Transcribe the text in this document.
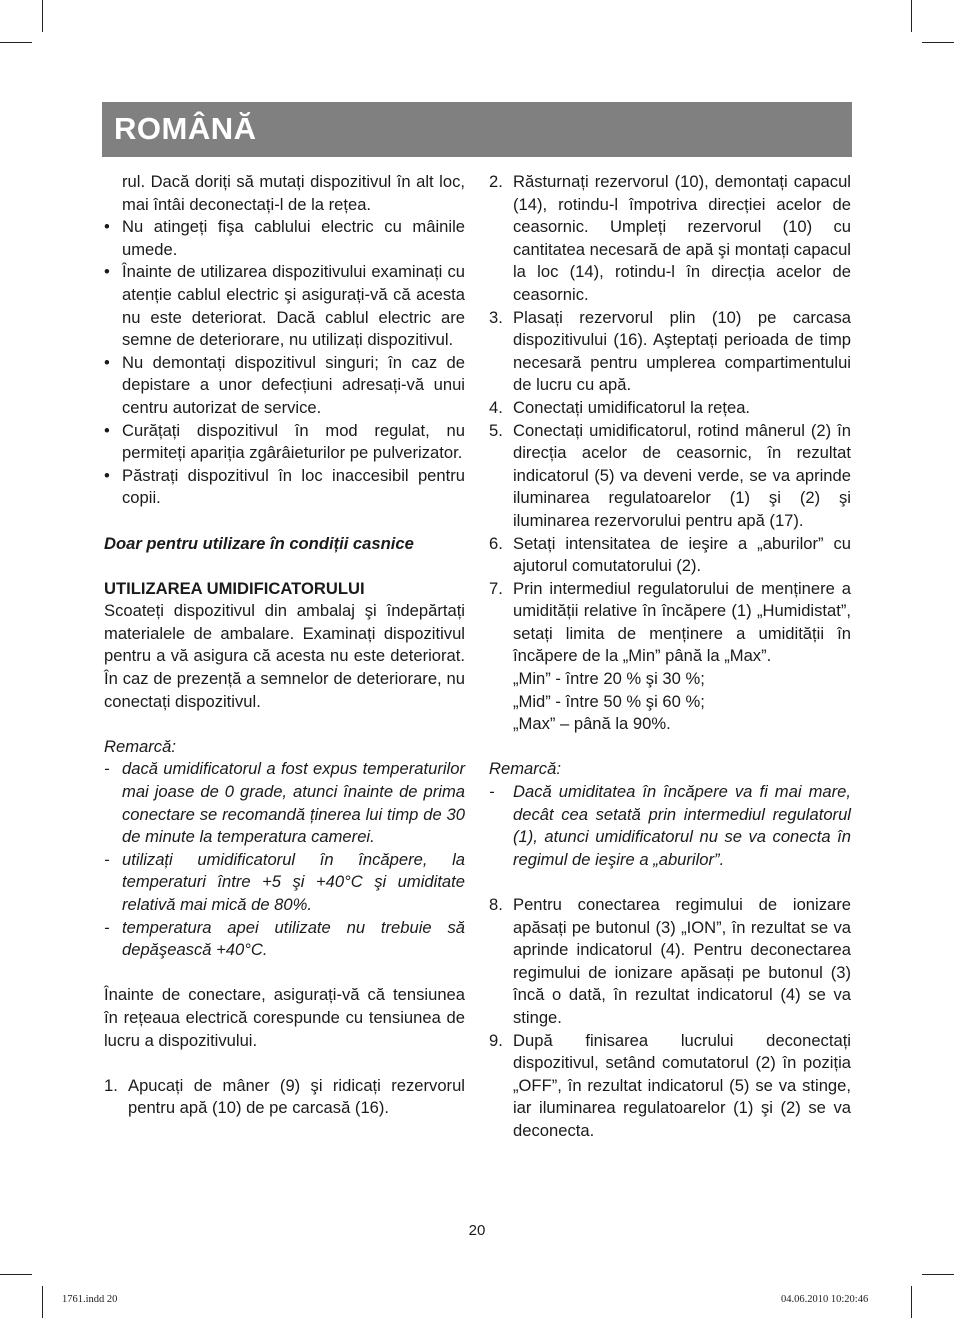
ROMÂNĂ
rul. Dacă doriți să mutați dispozitivul în alt loc, mai întâi deconectați-l de la rețea.
• Nu atingeți fişa cablului electric cu mâinile umede.
• Înainte de utilizarea dispozitivului examinați cu atenție cablul electric şi asigurați-vă că acesta nu este deteriorat. Dacă cablul electric are semne de deteriorare, nu utilizați dispozitivul.
• Nu demontați dispozitivul singuri; în caz de depistare a unor defecțiuni adresați-vă unui centru autorizat de service.
• Curățați dispozitivul în mod regulat, nu permiteți apariția zgârâieturilor pe pulverizator.
• Păstrați dispozitivul în loc inaccesibil pentru copii.
Doar pentru utilizare în condiții casnice
UTILIZAREA UMIDIFICATORULUI
Scoateți dispozitivul din ambalaj şi îndepărtați materialele de ambalare. Examinați dispozitivul pentru a vă asigura că acesta nu este deteriorat. În caz de prezență a semnelor de deteriorare, nu conectați dispozitivul.
Remarcă:
- dacă umidificatorul a fost expus temperaturilor mai joase de 0 grade, atunci înainte de prima conectare se recomandă ținerea lui timp de 30 de minute la temperatura camerei.
- utilizați umidificatorul în încăpere, la temperaturi între +5 şi +40°C şi umiditate relativă mai mică de 80%.
- temperatura apei utilizate nu trebuie să depăşească +40°C.
Înainte de conectare, asigurați-vă că tensiunea în rețeaua electrică corespunde cu tensiunea de lucru a dispozitivului.
1. Apucați de mâner (9) şi ridicați rezervorul pentru apă (10) de pe carcasă (16).
2. Răsturnați rezervorul (10), demontați capacul (14), rotindu-l împotriva direcției acelor de ceasornic. Umpleți rezervorul (10) cu cantitatea necesară de apă şi montați capacul la loc (14), rotindu-l în direcția acelor de ceasornic.
3. Plasați rezervorul plin (10) pe carcasa dispozitivului (16). Aşteptați perioada de timp necesară pentru umplerea compartimentului de lucru cu apă.
4. Conectați umidificatorul la rețea.
5. Conectați umidificatorul, rotind mânerul (2) în direcția acelor de ceasornic, în rezultat indicatorul (5) va deveni verde, se va aprinde iluminarea regulatoarelor (1) şi (2) şi iluminarea rezervorului pentru apă (17).
6. Setați intensitatea de ieşire a „aburilor” cu ajutorul comutatorului (2).
7. Prin intermediul regulatorului de menținere a umidității relative în încăpere (1) „Humidistat”, setați limita de menținere a umidității în încăpere de la „Min” până la „Max”.
„Min” - între 20 % şi 30 %;
„Mid” - între 50 % şi 60 %;
„Max” – până la 90%.
Remarcă:
- Dacă umiditatea în încăpere va fi mai mare, decât cea setată prin intermediul regulatorul (1), atunci umidificatorul nu se va conecta în regimul de ieşire a „aburilor”.
8. Pentru conectarea regimului de ionizare apăsați pe butonul (3) „ION”, în rezultat se va aprinde indicatorul (4). Pentru deconectarea regimului de ionizare apăsați pe butonul (3) încă o dată, în rezultat indicatorul (4) se va stinge.
9. După finisarea lucrului deconectați dispozitivul, setând comutatorul (2) în poziția „OFF”, în rezultat indicatorul (5) se va stinge, iar iluminarea regulatoarelor (1) şi (2) se va deconecta.
20
1761.indd 20	04.06.2010 10:20:46
